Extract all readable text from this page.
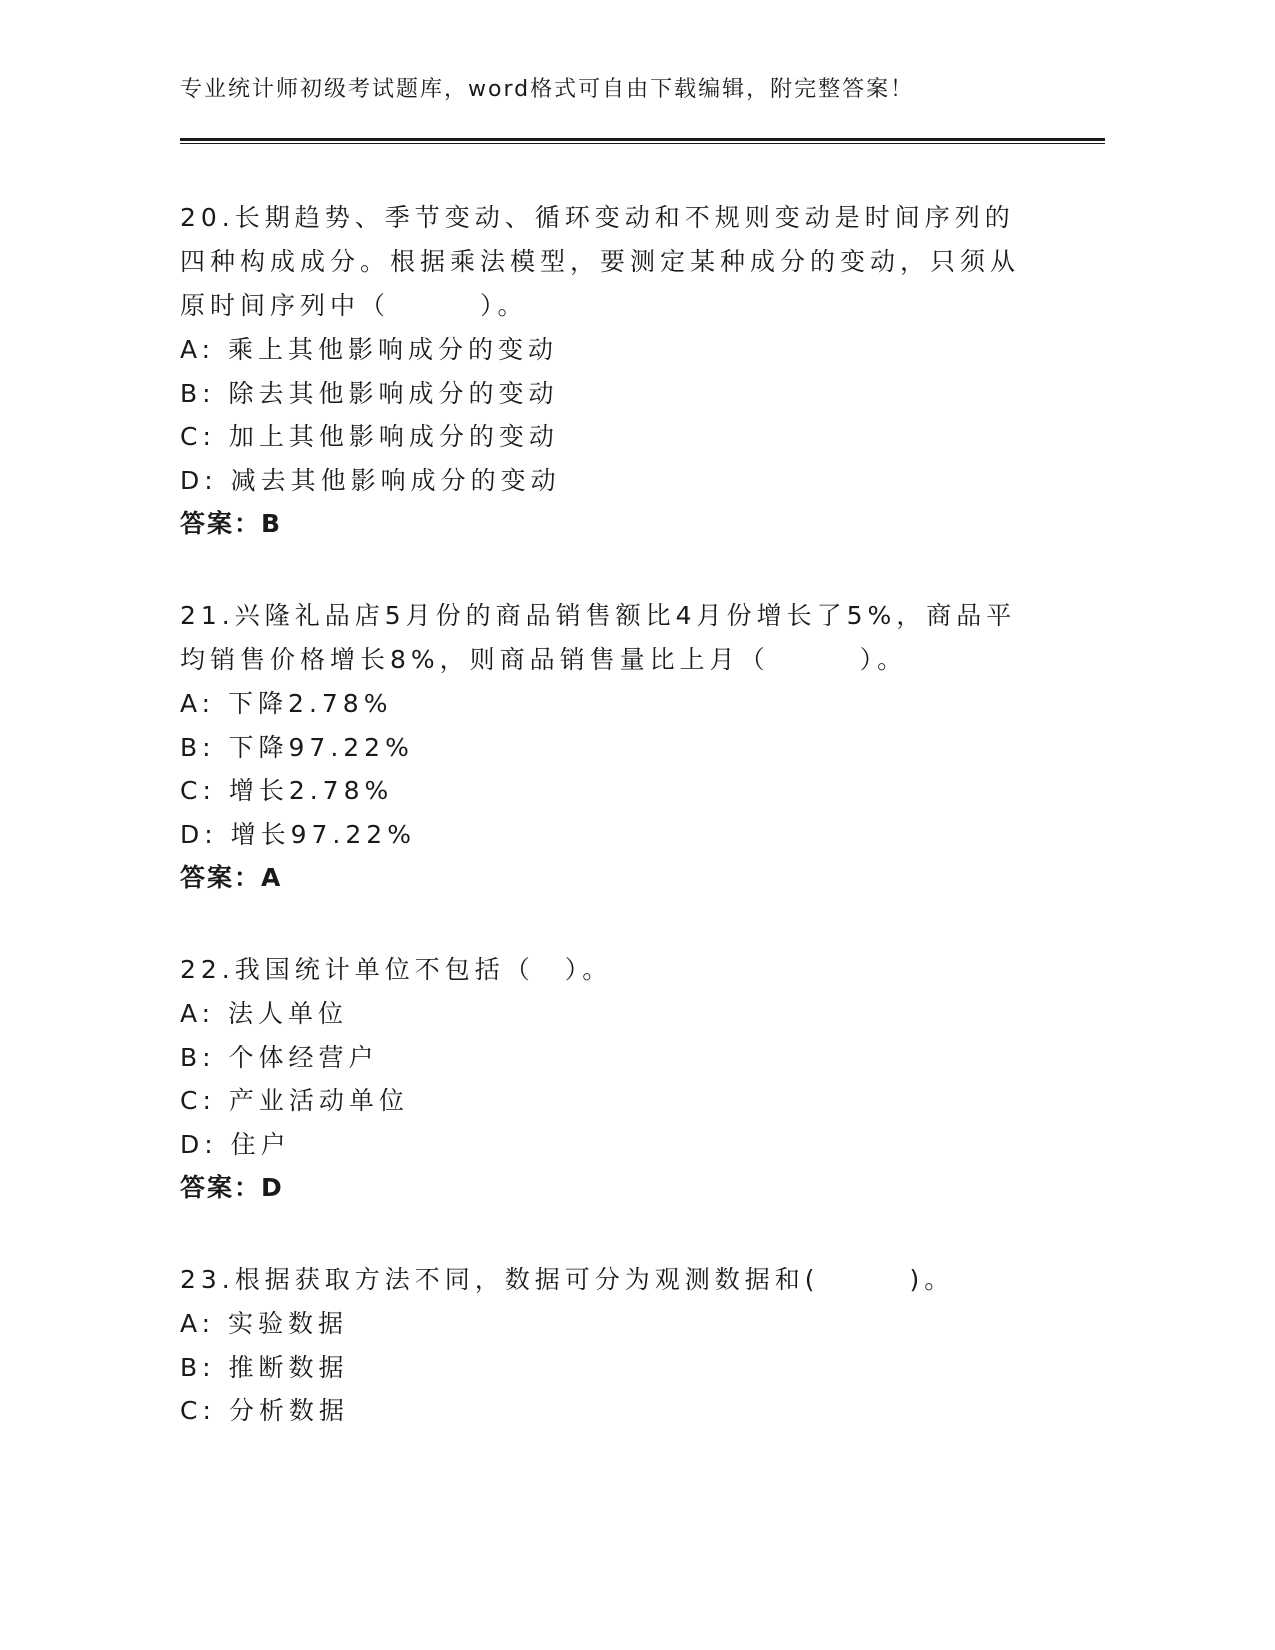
专业统计师初级考试题库，word格式可自由下载编辑，附完整答案！

20.长期趋势、季节变动、循环变动和不规则变动是时间序列的四种构成成分。根据乘法模型，要测定某种成分的变动，只须从原时间序列中（　　　）。

A: 乘上其他影响成分的变动
B: 除去其他影响成分的变动
C: 加上其他影响成分的变动
D: 减去其他影响成分的变动
答案：B

21.兴隆礼品店5月份的商品销售额比4月份增长了5%，商品平均销售价格增长8%，则商品销售量比上月（　　　）。

A: 下降2.78%
B: 下降97.22%
C: 增长2.78%
D: 增长97.22%
答案：A

22.我国统计单位不包括（　）。

A: 法人单位
B: 个体经营户
C: 产业活动单位
D: 住户
答案：D

23.根据获取方法不同，数据可分为观测数据和(　　　)。

A: 实验数据
B: 推断数据
C: 分析数据
